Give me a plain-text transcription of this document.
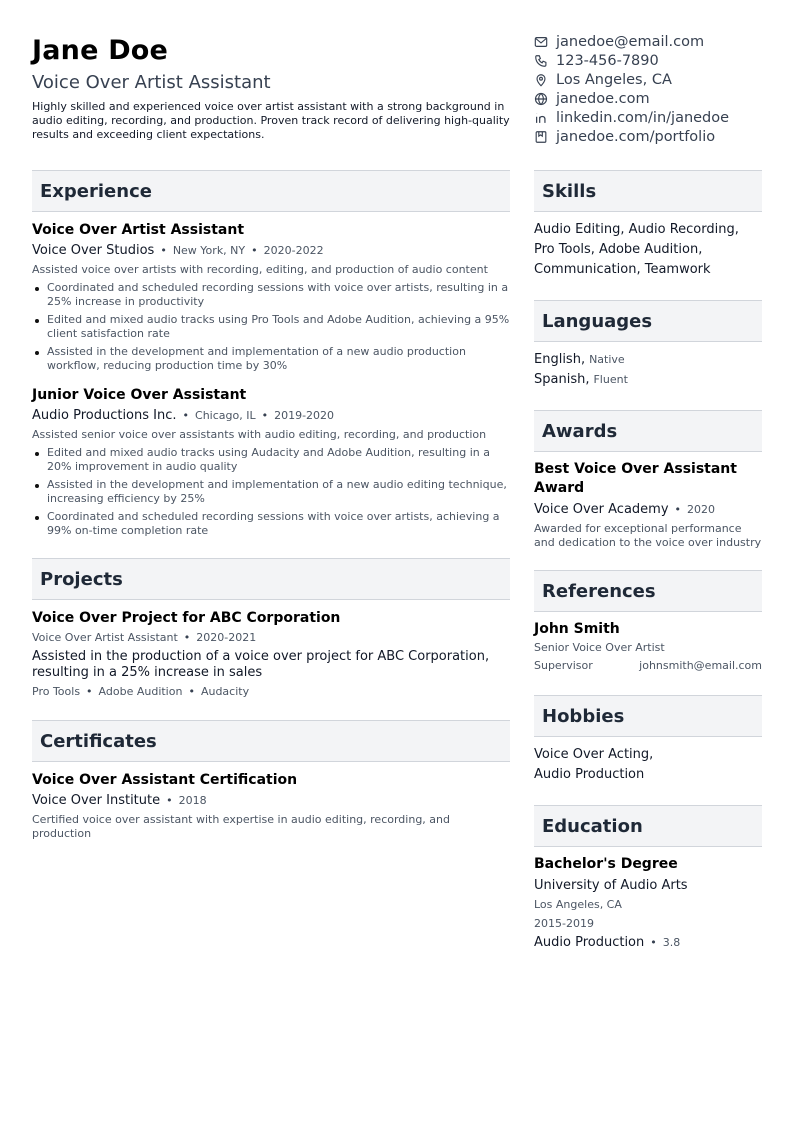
Jane Doe
Voice Over Artist Assistant
Highly skilled and experienced voice over artist assistant with a strong background in audio editing, recording, and production. Proven track record of delivering high-quality results and exceeding client expectations.
janedoe@email.com
123-456-7890
Los Angeles, CA
janedoe.com
linkedin.com/in/janedoe
janedoe.com/portfolio
Experience
Voice Over Artist Assistant
Voice Over Studios • New York, NY • 2020-2022
Assisted voice over artists with recording, editing, and production of audio content
Coordinated and scheduled recording sessions with voice over artists, resulting in a 25% increase in productivity
Edited and mixed audio tracks using Pro Tools and Adobe Audition, achieving a 95% client satisfaction rate
Assisted in the development and implementation of a new audio production workflow, reducing production time by 30%
Junior Voice Over Assistant
Audio Productions Inc. • Chicago, IL • 2019-2020
Assisted senior voice over assistants with audio editing, recording, and production
Edited and mixed audio tracks using Audacity and Adobe Audition, resulting in a 20% improvement in audio quality
Assisted in the development and implementation of a new audio editing technique, increasing efficiency by 25%
Coordinated and scheduled recording sessions with voice over artists, achieving a 99% on-time completion rate
Projects
Voice Over Project for ABC Corporation
Voice Over Artist Assistant • 2020-2021
Assisted in the production of a voice over project for ABC Corporation, resulting in a 25% increase in sales
Pro Tools • Adobe Audition • Audacity
Certificates
Voice Over Assistant Certification
Voice Over Institute • 2018
Certified voice over assistant with expertise in audio editing, recording, and production
Skills
Audio Editing, Audio Recording,
Pro Tools, Adobe Audition,
Communication, Teamwork
Languages
English, Native
Spanish, Fluent
Awards
Best Voice Over Assistant Award
Voice Over Academy • 2020
Awarded for exceptional performance and dedication to the voice over industry
References
John Smith
Senior Voice Over Artist
Supervisor	johnsmith@email.com
Hobbies
Voice Over Acting,
Audio Production
Education
Bachelor's Degree
University of Audio Arts
Los Angeles, CA
2015-2019
Audio Production • 3.8
